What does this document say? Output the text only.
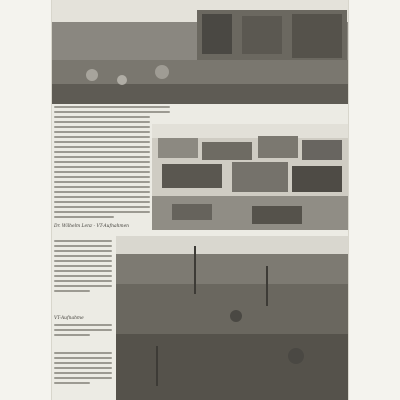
Dr. Wilhelm Lenz - VT-Aufnahmen
VT-Aufnahme
